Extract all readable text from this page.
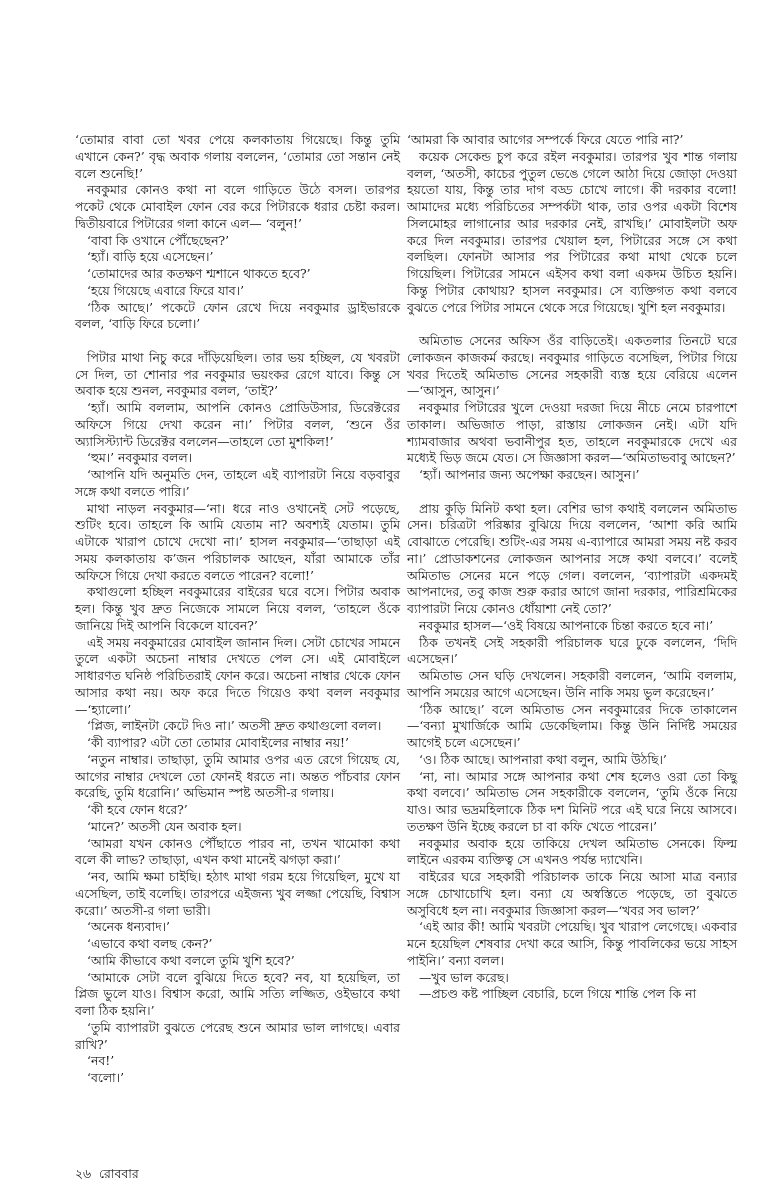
‘তোমার বাবা তো খবর পেয়ে কলকাতায় গিয়েছে। কিন্তু তুমি এখানে কেন?’ বৃদ্ধ অবাক গলায় বললেন, ‘তোমার তো সন্তান নেই বলে শুনেছি!’

নবকুমার কোনও কথা না বলে গাড়িতে উঠে বসল। তারপর পকেট থেকে মোবাইল ফোন বের করে পিটারকে ধরার চেষ্টা করল। দ্বিতীয়বারে পিটারের গলা কানে এল— ‘বলুন!’

‘বাবা কি ওখানে পৌঁছেছেন?’

‘হ্যাঁ। বাড়ি হয়ে এসেছেন।’

‘তোমাদের আর কতক্ষণ শ্মশানে থাকতে হবে?’

‘হয়ে গিয়েছে এবারে ফিরে যাব।’

‘ঠিক আছে।’ পকেটে ফোন রেখে দিয়ে নবকুমার ড্রাইভারকে বলল, ‘বাড়ি ফিরে চলো।’

পিটার মাথা নিচু করে দাঁড়িয়েছিল। তার ভয় হচ্ছিল, যে খবরটা সে দিল, তা শোনার পর নবকুমার ভয়ংকর রেগে যাবে। কিন্তু সে অবাক হয়ে শুনল, নবকুমার বলল, ‘তাই?’

‘হ্যাঁ। আমি বললাম, আপনি কোনও প্রোডিউসার, ডিরেক্টরের অফিসে গিয়ে দেখা করেন না।’ পিটার বলল, ‘শুনে ওঁর অ্যাসিস্ট্যান্ট ডিরেক্টর বললেন—তাহলে তো মুশকিল!’

‘হুম।’ নবকুমার বলল।

‘আপনি যদি অনুমতি দেন, তাহলে এই ব্যাপারটা নিয়ে বড়বাবুর সঙ্গে কথা বলতে পারি।’

মাথা নাড়ল নবকুমার—‘না। ধরে নাও ওখানেই সেট পড়েছে, শুটিং হবে। তাহলে কি আমি যেতাম না? অবশ্যই যেতাম। তুমি এটাকে খারাপ চোখে দেখো না।’ হাসল নবকুমার—‘তাছাড়া এই সময় কলকাতায় ক’জন পরিচালক আছেন, যাঁরা আমাকে তাঁর অফিসে গিয়ে দেখা করতে বলতে পারেন? বলো!’

কথাগুলো হচ্ছিল নবকুমারের বাইরের ঘরে বসে। পিটার অবাক হল। কিন্তু খুব দ্রুত নিজেকে সামলে নিয়ে বলল, ‘তাহলে ওঁকে জানিয়ে দিই আপনি বিকেলে যাবেন?’

এই সময় নবকুমারের মোবাইল জানান দিল। সেটা চোখের সামনে তুলে একটা অচেনা নাম্বার দেখতে পেল সে। এই মোবাইলে সাধারণত ঘনিষ্ঠ পরিচিতরাই ফোন করে। অচেনা নাম্বার থেকে ফোন আসার কথা নয়। অফ করে দিতে গিয়েও কথা বলল নবকুমার—‘হ্যালো।’

‘প্লিজ, লাইনটা কেটে দিও না।’ অতসী দ্রুত কথাগুলো বলল।

‘কী ব্যাপার? এটা তো তোমার মোবাইলের নাম্বার নয়!’

‘নতুন নাম্বার। তাছাড়া, তুমি আমার ওপর এত রেগে গিয়েছ যে, আগের নাম্বার দেখলে তো ফোনই ধরতে না। অন্তত পাঁচবার ফোন করেছি, তুমি ধরোনি।’ অভিমান স্পষ্ট অতসী-র গলায়।

‘কী হবে ফোন ধরে?’

‘মানে?’ অতসী যেন অবাক হল।

‘আমরা যখন কোনও পৌঁছাতে পারব না, তখন খামোকা কথা বলে কী লাভ? তাছাড়া, এখন কথা মানেই ঝগড়া করা।’

‘নব, আমি ক্ষমা চাইছি। হঠাৎ মাথা গরম হয়ে গিয়েছিল, মুখে যা এসেছিল, তাই বলেছি। তারপরে এইজন্য খুব লজ্জা পেয়েছি, বিশ্বাস করো।’ অতসী-র গলা ভারী।

‘অনেক ধন্যবাদ।’

‘এভাবে কথা বলছ কেন?’

‘আমি কীভাবে কথা বললে তুমি খুশি হবে?’

‘আমাকে সেটা বলে বুঝিয়ে দিতে হবে? নব, যা হয়েছিল, তা প্লিজ ভুলে যাও। বিশ্বাস করো, আমি সত্যি লজ্জিত, ওইভাবে কথা বলা ঠিক হয়নি।’

‘তুমি ব্যাপারটা বুঝতে পেরেছ শুনে আমার ভাল লাগছে। এবার রাখি?’

‘নব!’

‘বলো।’

‘আমরা কি আবার আগের সম্পর্কে ফিরে যেতে পারি না?’

কয়েক সেকেন্ড চুপ করে রইল নবকুমার। তারপর খুব শান্ত গলায় বলল, ‘অতসী, কাচের পুতুল ভেঙে গেলে আঠা দিয়ে জোড়া দেওয়া হয়তো যায়, কিন্তু তার দাগ বড্ড চোখে লাগে। কী দরকার বলো! আমাদের মধ্যে পরিচিতের সম্পর্কটা থাক, তার ওপর একটা বিশেষ সিলমোহর লাগানোর আর দরকার নেই, রাখছি।’ মোবাইলটা অফ করে দিল নবকুমার। তারপর খেয়াল হল, পিটারের সঙ্গে সে কথা বলছিল। ফোনটা আসার পর পিটারের কথা মাথা থেকে চলে গিয়েছিল। পিটারের সামনে এইসব কথা বলা একদম উচিত হয়নি। কিন্তু পিটার কোথায়? হাসল নবকুমার। সে ব্যক্তিগত কথা বলবে বুঝতে পেরে পিটার সামনে থেকে সরে গিয়েছে। খুশি হল নবকুমার।

অমিতাভ সেনের অফিস ওঁর বাড়িতেই। একতলার তিনটে ঘরে লোকজন কাজকর্ম করছে। নবকুমার গাড়িতে বসেছিল, পিটার গিয়ে খবর দিতেই অমিতাভ সেনের সহকারী ব্যস্ত হয়ে বেরিয়ে এলেন—‘আসুন, আসুন।’

নবকুমার পিটারের খুলে দেওয়া দরজা দিয়ে নীচে নেমে চারপাশে তাকাল। অভিজাত পাড়া, রাস্তায় লোকজন নেই। এটা যদি শ্যামবাজার অথবা ভবানীপুর হত, তাহলে নবকুমারকে দেখে এর মধ্যেই ভিড় জমে যেত। সে জিজ্ঞাসা করল—‘অমিতাভবাবু আছেন?’

‘হ্যাঁ। আপনার জন্য অপেক্ষা করছেন। আসুন।’

প্রায় কুড়ি মিনিট কথা হল। বেশির ভাগ কথাই বললেন অমিতাভ সেন। চরিত্রটা পরিষ্কার বুঝিয়ে দিয়ে বললেন, ‘আশা করি আমি বোঝাতে পেরেছি। শুটিং-এর সময় এ-ব্যাপারে আমরা সময় নষ্ট করব না।’ প্রোডাকশনের লোকজন আপনার সঙ্গে কথা বলবে।’ বলেই অমিতাভ সেনের মনে পড়ে গেল। বললেন, ‘ব্যাপারটা একদমই আপনাদের, তবু কাজ শুরু করার আগে জানা দরকার, পারিশ্রমিকের ব্যাপারটা নিয়ে কোনও ধোঁয়াশা নেই তো?’

নবকুমার হাসল—‘ওই বিষয়ে আপনাকে চিন্তা করতে হবে না।’

ঠিক তখনই সেই সহকারী পরিচালক ঘরে ঢুকে বললেন, ‘দিদি এসেছেন।’

অমিতাভ সেন ঘড়ি দেখলেন। সহকারী বললেন, ‘আমি বললাম, আপনি সময়ের আগে এসেছেন। উনি নাকি সময় ভুল করেছেন।’

‘ঠিক আছে।’ বলে অমিতাভ সেন নবকুমারের দিকে তাকালেন—‘বন্যা মুখার্জিকে আমি ডেকেছিলাম। কিন্তু উনি নির্দিষ্ট সময়ের আগেই চলে এসেছেন।’

‘ও। ঠিক আছে। আপনারা কথা বলুন, আমি উঠছি।’

‘না, না। আমার সঙ্গে আপনার কথা শেষ হলেও ওরা তো কিছু কথা বলবে।’ অমিতাভ সেন সহকারীকে বললেন, ‘তুমি ওঁকে নিয়ে যাও। আর ভদ্রমহিলাকে ঠিক দশ মিনিট পরে এই ঘরে নিয়ে আসবে। ততক্ষণ উনি ইচ্ছে করলে চা বা কফি খেতে পারেন।’

নবকুমার অবাক হয়ে তাকিয়ে দেখল অমিতাভ সেনকে। ফিল্ম লাইনে এরকম ব্যক্তিত্ব সে এখনও পর্যন্ত দ্যাখেনি।

বাইরের ঘরে সহকারী পরিচালক তাকে নিয়ে আসা মাত্র বন্যার সঙ্গে চোখাচোখি হল। বন্যা যে অস্বস্তিতে পড়েছে, তা বুঝতে অসুবিধে হল না। নবকুমার জিজ্ঞাসা করল—‘খবর সব ভাল?’

‘এই আর কী! আমি খবরটা পেয়েছি। খুব খারাপ লেগেছে। একবার মনে হয়েছিল শেষবার দেখা করে আসি, কিন্তু পাবলিকের ভয়ে সাহস পাইনি।’ বন্যা বলল।

—খুব ভাল করেছ।

—প্রচণ্ড কষ্ট পাচ্ছিল বেচারি, চলে গিয়ে শান্তি পেল কি না

২৬ রোববার
